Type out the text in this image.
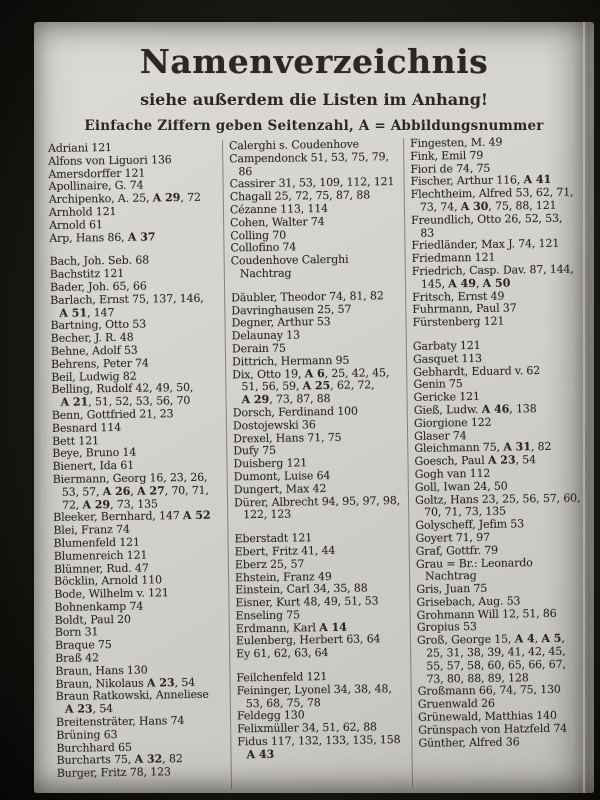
Namenverzeichnis
siehe außerdem die Listen im Anhang!
Einfache Ziffern geben Seitenzahl, A = Abbildungsnummer
Adriani 121
Alfons von Liguori 136
Amersdorffer 121
Apollinaire, G. 74
Archipenko, A. 25, A 29, 72
Arnhold 121
Arnold 61
Arp, Hans 86, A 37
Bach, Joh. Seb. 68
Bachstitz 121
Bader, Joh. 65, 66
Barlach, Ernst 75, 137, 146, A 51, 147
Bartning, Otto 53
Becher, J. R. 48
Behne, Adolf 53
Behrens, Peter 74
Beil, Ludwig 82
Belling, Rudolf 42, 49, 50, A 21, 51, 52, 53, 56, 70
Benn, Gottfried 21, 23
Besnard 114
Bett 121
Beye, Bruno 14
Bienert, Ida 61
Biermann, Georg 16, 23, 26, 53, 57, A 26, A 27, 70, 71, 72, A 29, 73, 135
Bleeker, Bernhard, 147 A 52
Blei, Franz 74
Blumenfeld 121
Blumenreich 121
Blümner, Rud. 47
Böcklin, Arnold 110
Bode, Wilhelm v. 121
Bohnenkamp 74
Boldt, Paul 20
Born 31
Braque 75
Braß 42
Braun, Hans 130
Braun, Nikolaus A 23, 54
Braun Ratkowski, Anneliese A 23, 54
Breitensträter, Hans 74
Brüning 63
Burchhard 65
Burcharts 75, A 32, 82
Burger, Fritz 78, 123
Calerghi s. Coudenhove
Campendonck 51, 53, 75, 79, 86
Cassirer 31, 53, 109, 112, 121
Chagall 25, 72, 75, 87, 88
Cézanne 113, 114
Cohen, Walter 74
Colling 70
Collofino 74
Coudenhove Calerghi Nachtrag
Däubler, Theodor 74, 81, 82
Davringhausen 25, 57
Degner, Arthur 53
Delaunay 13
Derain 75
Dittrich, Hermann 95
Dix, Otto 19, A 6, 25, 42, 45, 51, 56, 59, A 25, 62, 72, A 29, 73, 87, 88
Dorsch, Ferdinand 100
Dostojewski 36
Drexel, Hans 71, 75
Dufy 75
Duisberg 121
Dumont, Luise 64
Dungert, Max 42
Dürer, Albrecht 94, 95, 97, 98, 122, 123
Eberstadt 121
Ebert, Fritz 41, 44
Eberz 25, 57
Ehstein, Franz 49
Einstein, Carl 34, 35, 88
Eisner, Kurt 48, 49, 51, 53
Enseling 75
Erdmann, Karl A 14
Eulenberg, Herbert 63, 64
Ey 61, 62, 63, 64
Feilchenfeld 121
Feininger, Lyonel 34, 38, 48, 53, 68, 75, 78
Feldegg 130
Felixmüller 34, 51, 62, 88
Fidus 117, 132, 133, 135, 158 A 43
Fingesten, M. 49
Fink, Emil 79
Fiori de 74, 75
Fischer, Arthur 116, A 41
Flechtheim, Alfred 53, 62, 71, 73, 74, A 30, 75, 88, 121
Freundlich, Otto 26, 52, 53, 83
Friedländer, Max J. 74, 121
Friedmann 121
Friedrich, Casp. Dav. 87, 144, 145, A 49, A 50
Fritsch, Ernst 49
Fuhrmann, Paul 37
Fürstenberg 121
Garbaty 121
Gasquet 113
Gebhardt, Eduard v. 62
Genin 75
Gericke 121
Gieß, Ludw. A 46, 138
Giorgione 122
Glaser 74
Gleichmann 75, A 31, 82
Goesch, Paul A 23, 54
Gogh van 112
Goll, Iwan 24, 50
Goltz, Hans 23, 25, 56, 57, 60, 70, 71, 73, 135
Golyscheff, Jefim 53
Goyert 71, 97
Graf, Gottfr. 79
Grau = Br.: Leonardo Nachtrag
Gris, Juan 75
Grisebach, Aug. 53
Grohmann Will 12, 51, 86
Gropius 53
Groß, George 15, A 4, A 5, 25, 31, 38, 39, 41, 42, 45, 55, 57, 58, 60, 65, 66, 67, 73, 80, 88, 89, 128
Großmann 66, 74, 75, 130
Gruenwald 26
Grünewald, Matthias 140
Grünspach von Hatzfeld 74
Günther, Alfred 36
